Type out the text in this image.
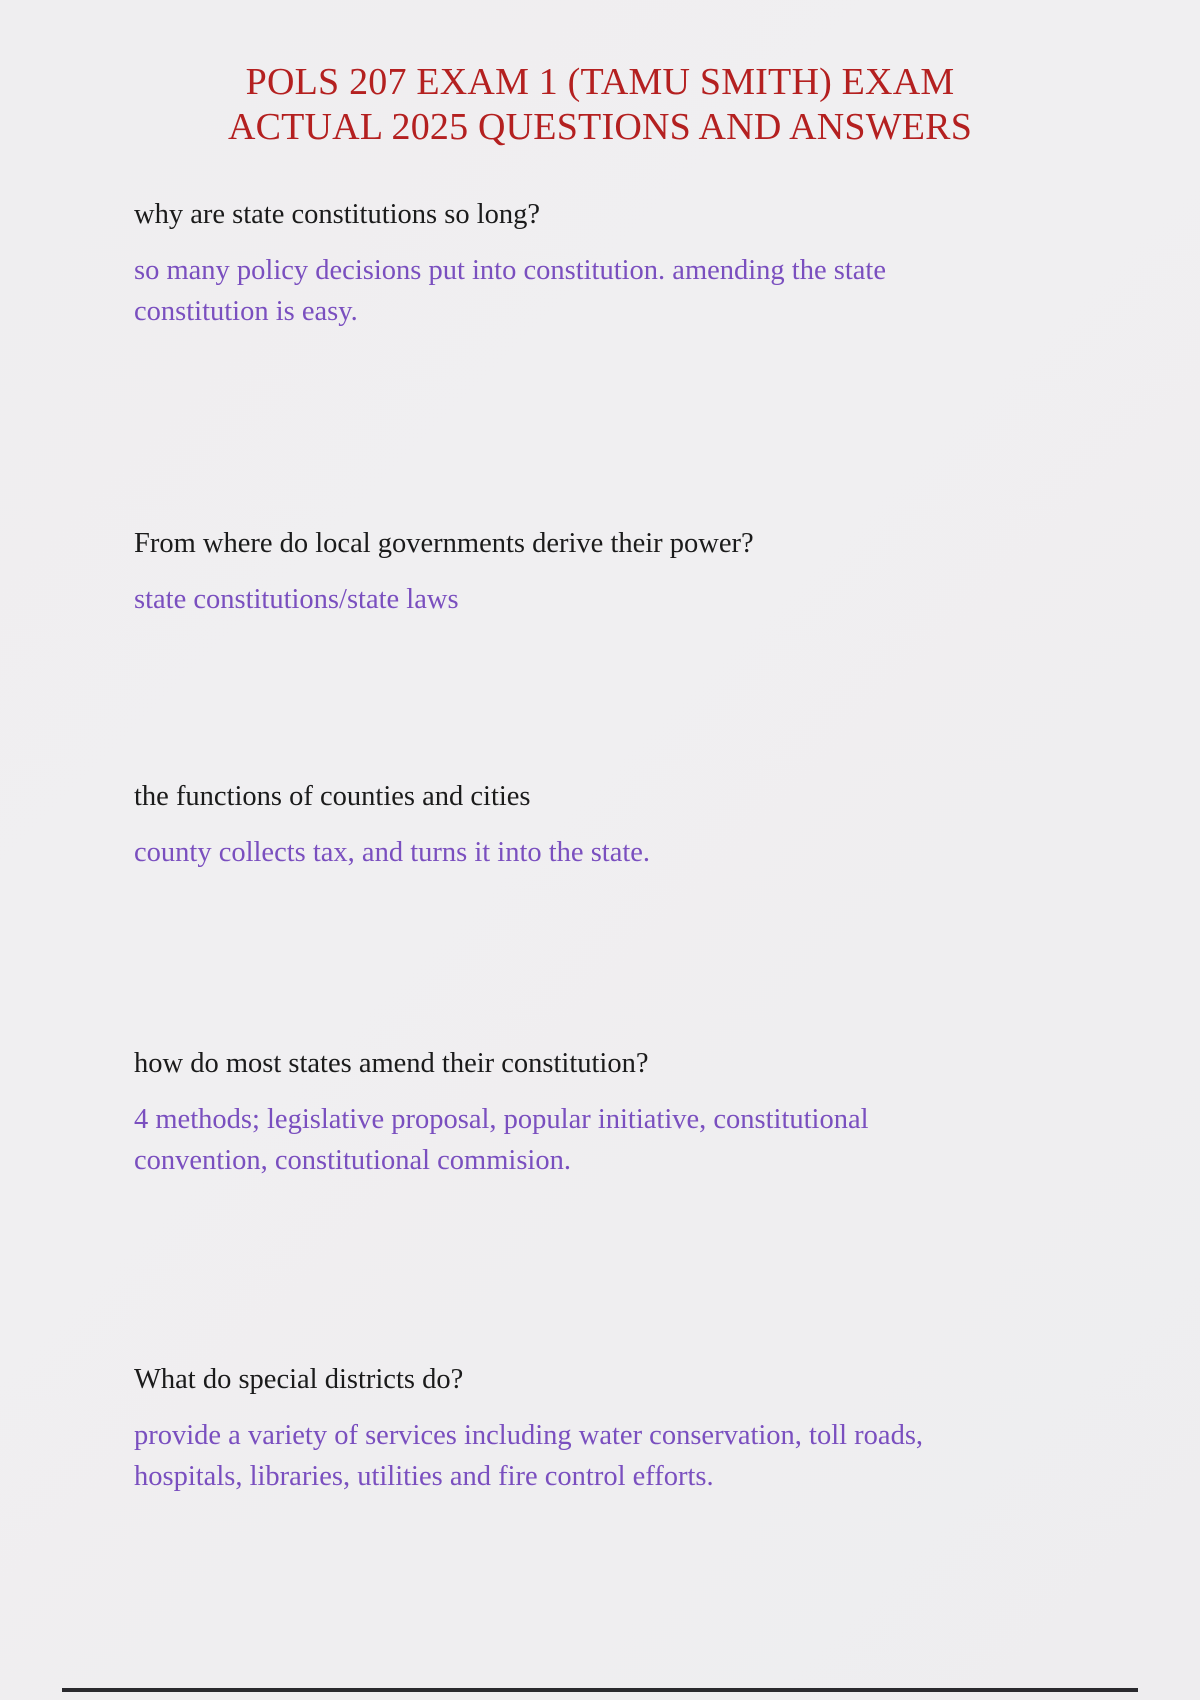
POLS 207 EXAM 1 (TAMU SMITH) EXAM
ACTUAL 2025 QUESTIONS AND ANSWERS

why are state constitutions so long?

so many policy decisions put into constitution. amending the state constitution is easy.

From where do local governments derive their power?

state constitutions/state laws

the functions of counties and cities

county collects tax, and turns it into the state.

how do most states amend their constitution?

4 methods; legislative proposal, popular initiative, constitutional convention, constitutional commision.

What do special districts do?

provide a variety of services including water conservation, toll roads, hospitals, libraries, utilities and fire control efforts.
